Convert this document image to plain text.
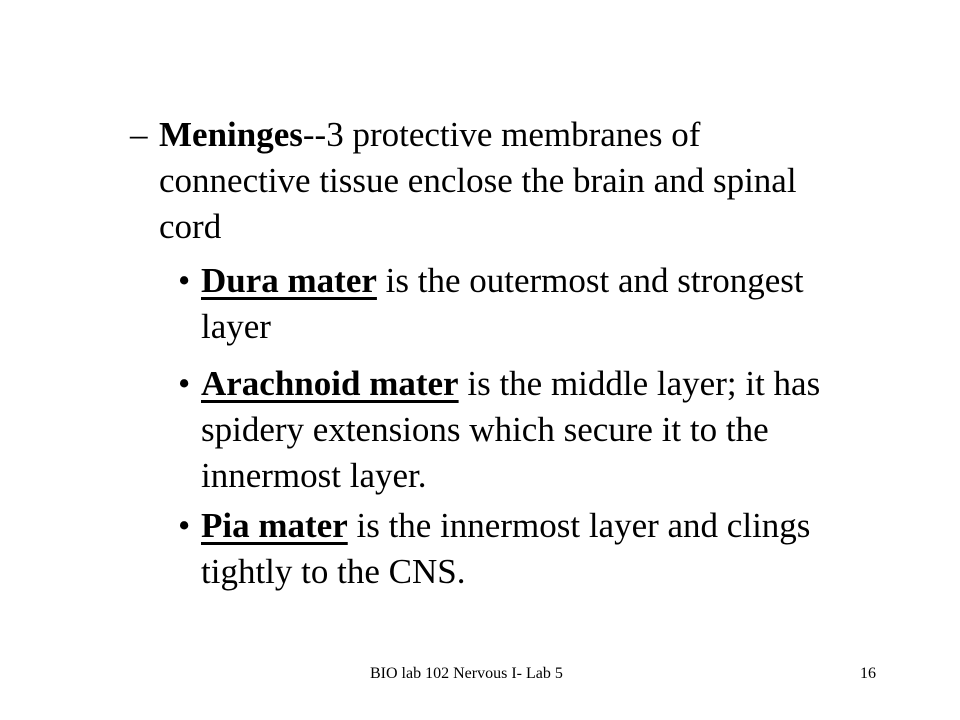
– Meninges--3 protective membranes of connective tissue enclose the brain and spinal cord
• Dura mater is the outermost and strongest layer
• Arachnoid mater is the middle layer; it has spidery extensions which secure it to the innermost layer.
• Pia mater is the innermost layer and clings tightly to the CNS.
BIO lab 102 Nervous I- Lab 5	16
